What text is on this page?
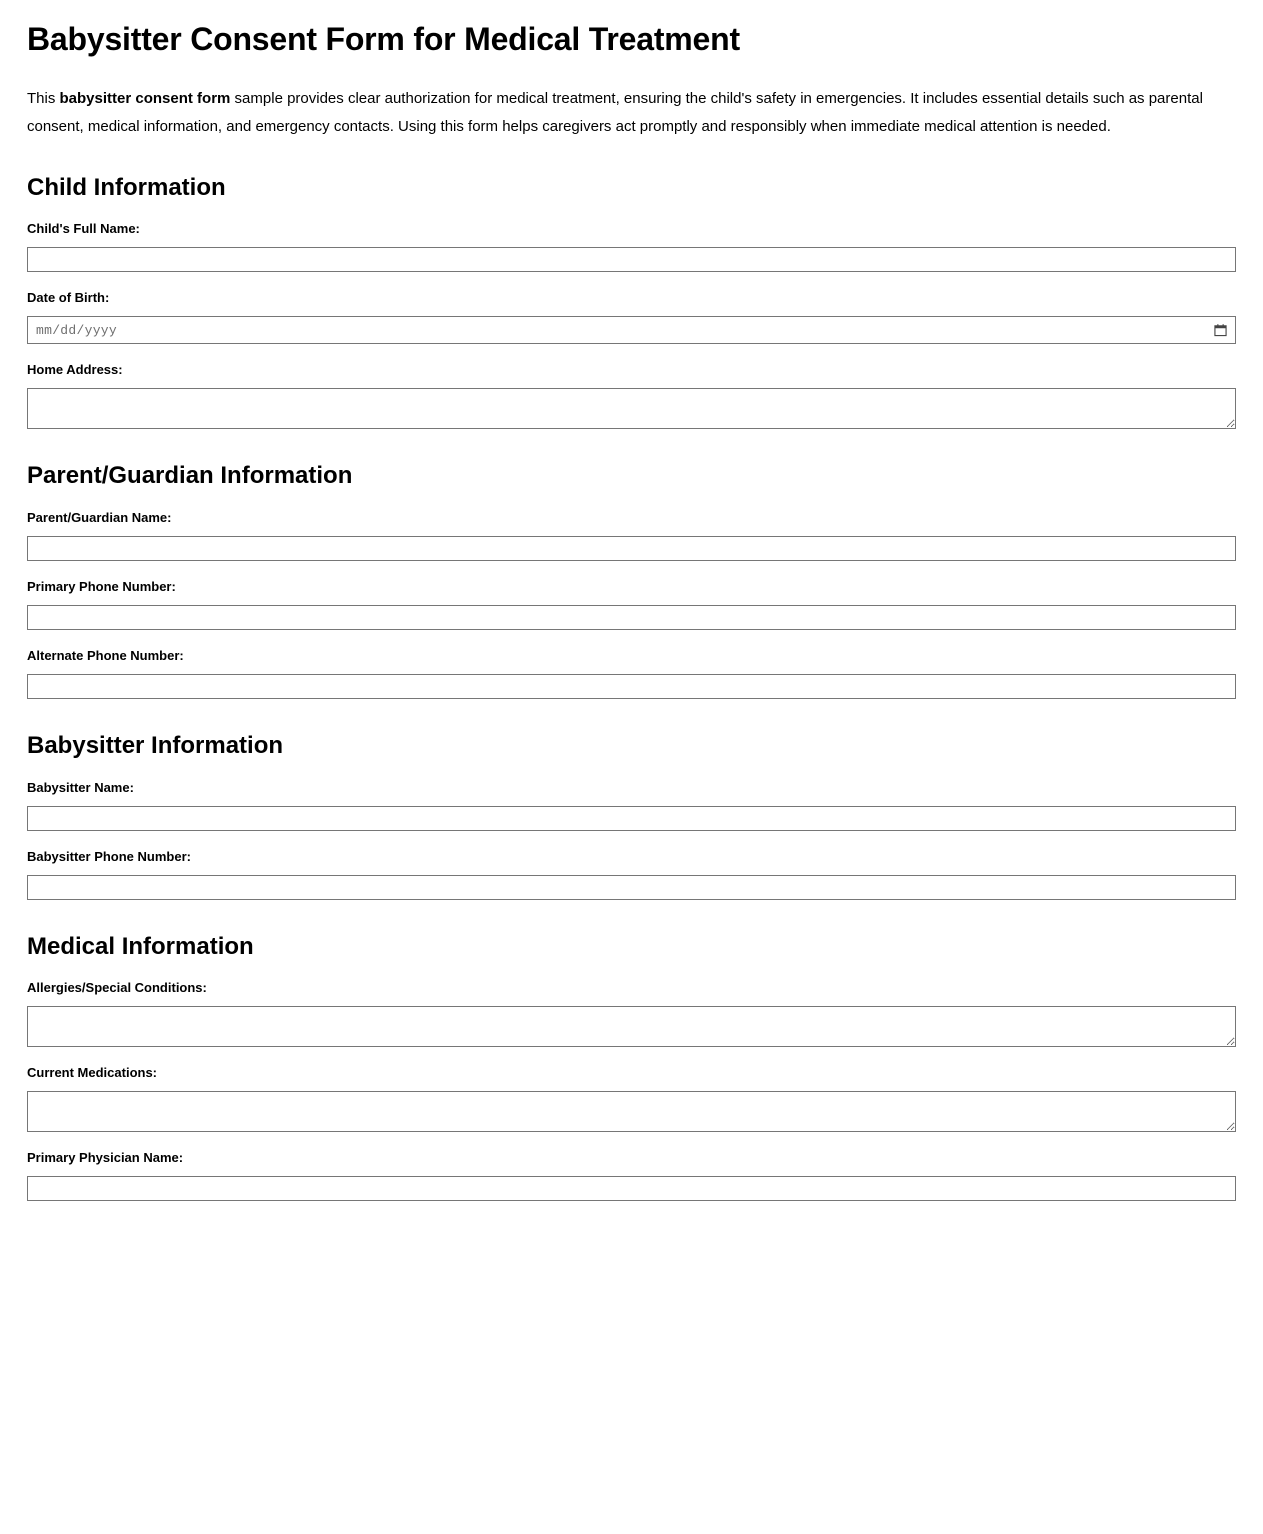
Babysitter Consent Form for Medical Treatment

This babysitter consent form sample provides clear authorization for medical treatment, ensuring the child's safety in emergencies. It includes essential details such as parental consent, medical information, and emergency contacts. Using this form helps caregivers act promptly and responsibly when immediate medical attention is needed.

Child Information
Child's Full Name:
Date of Birth:
mm/dd/yyyy
Home Address:
Parent/Guardian Information
Parent/Guardian Name:
Primary Phone Number:
Alternate Phone Number:
Babysitter Information
Babysitter Name:
Babysitter Phone Number:
Medical Information
Allergies/Special Conditions:
Current Medications:
Primary Physician Name:
